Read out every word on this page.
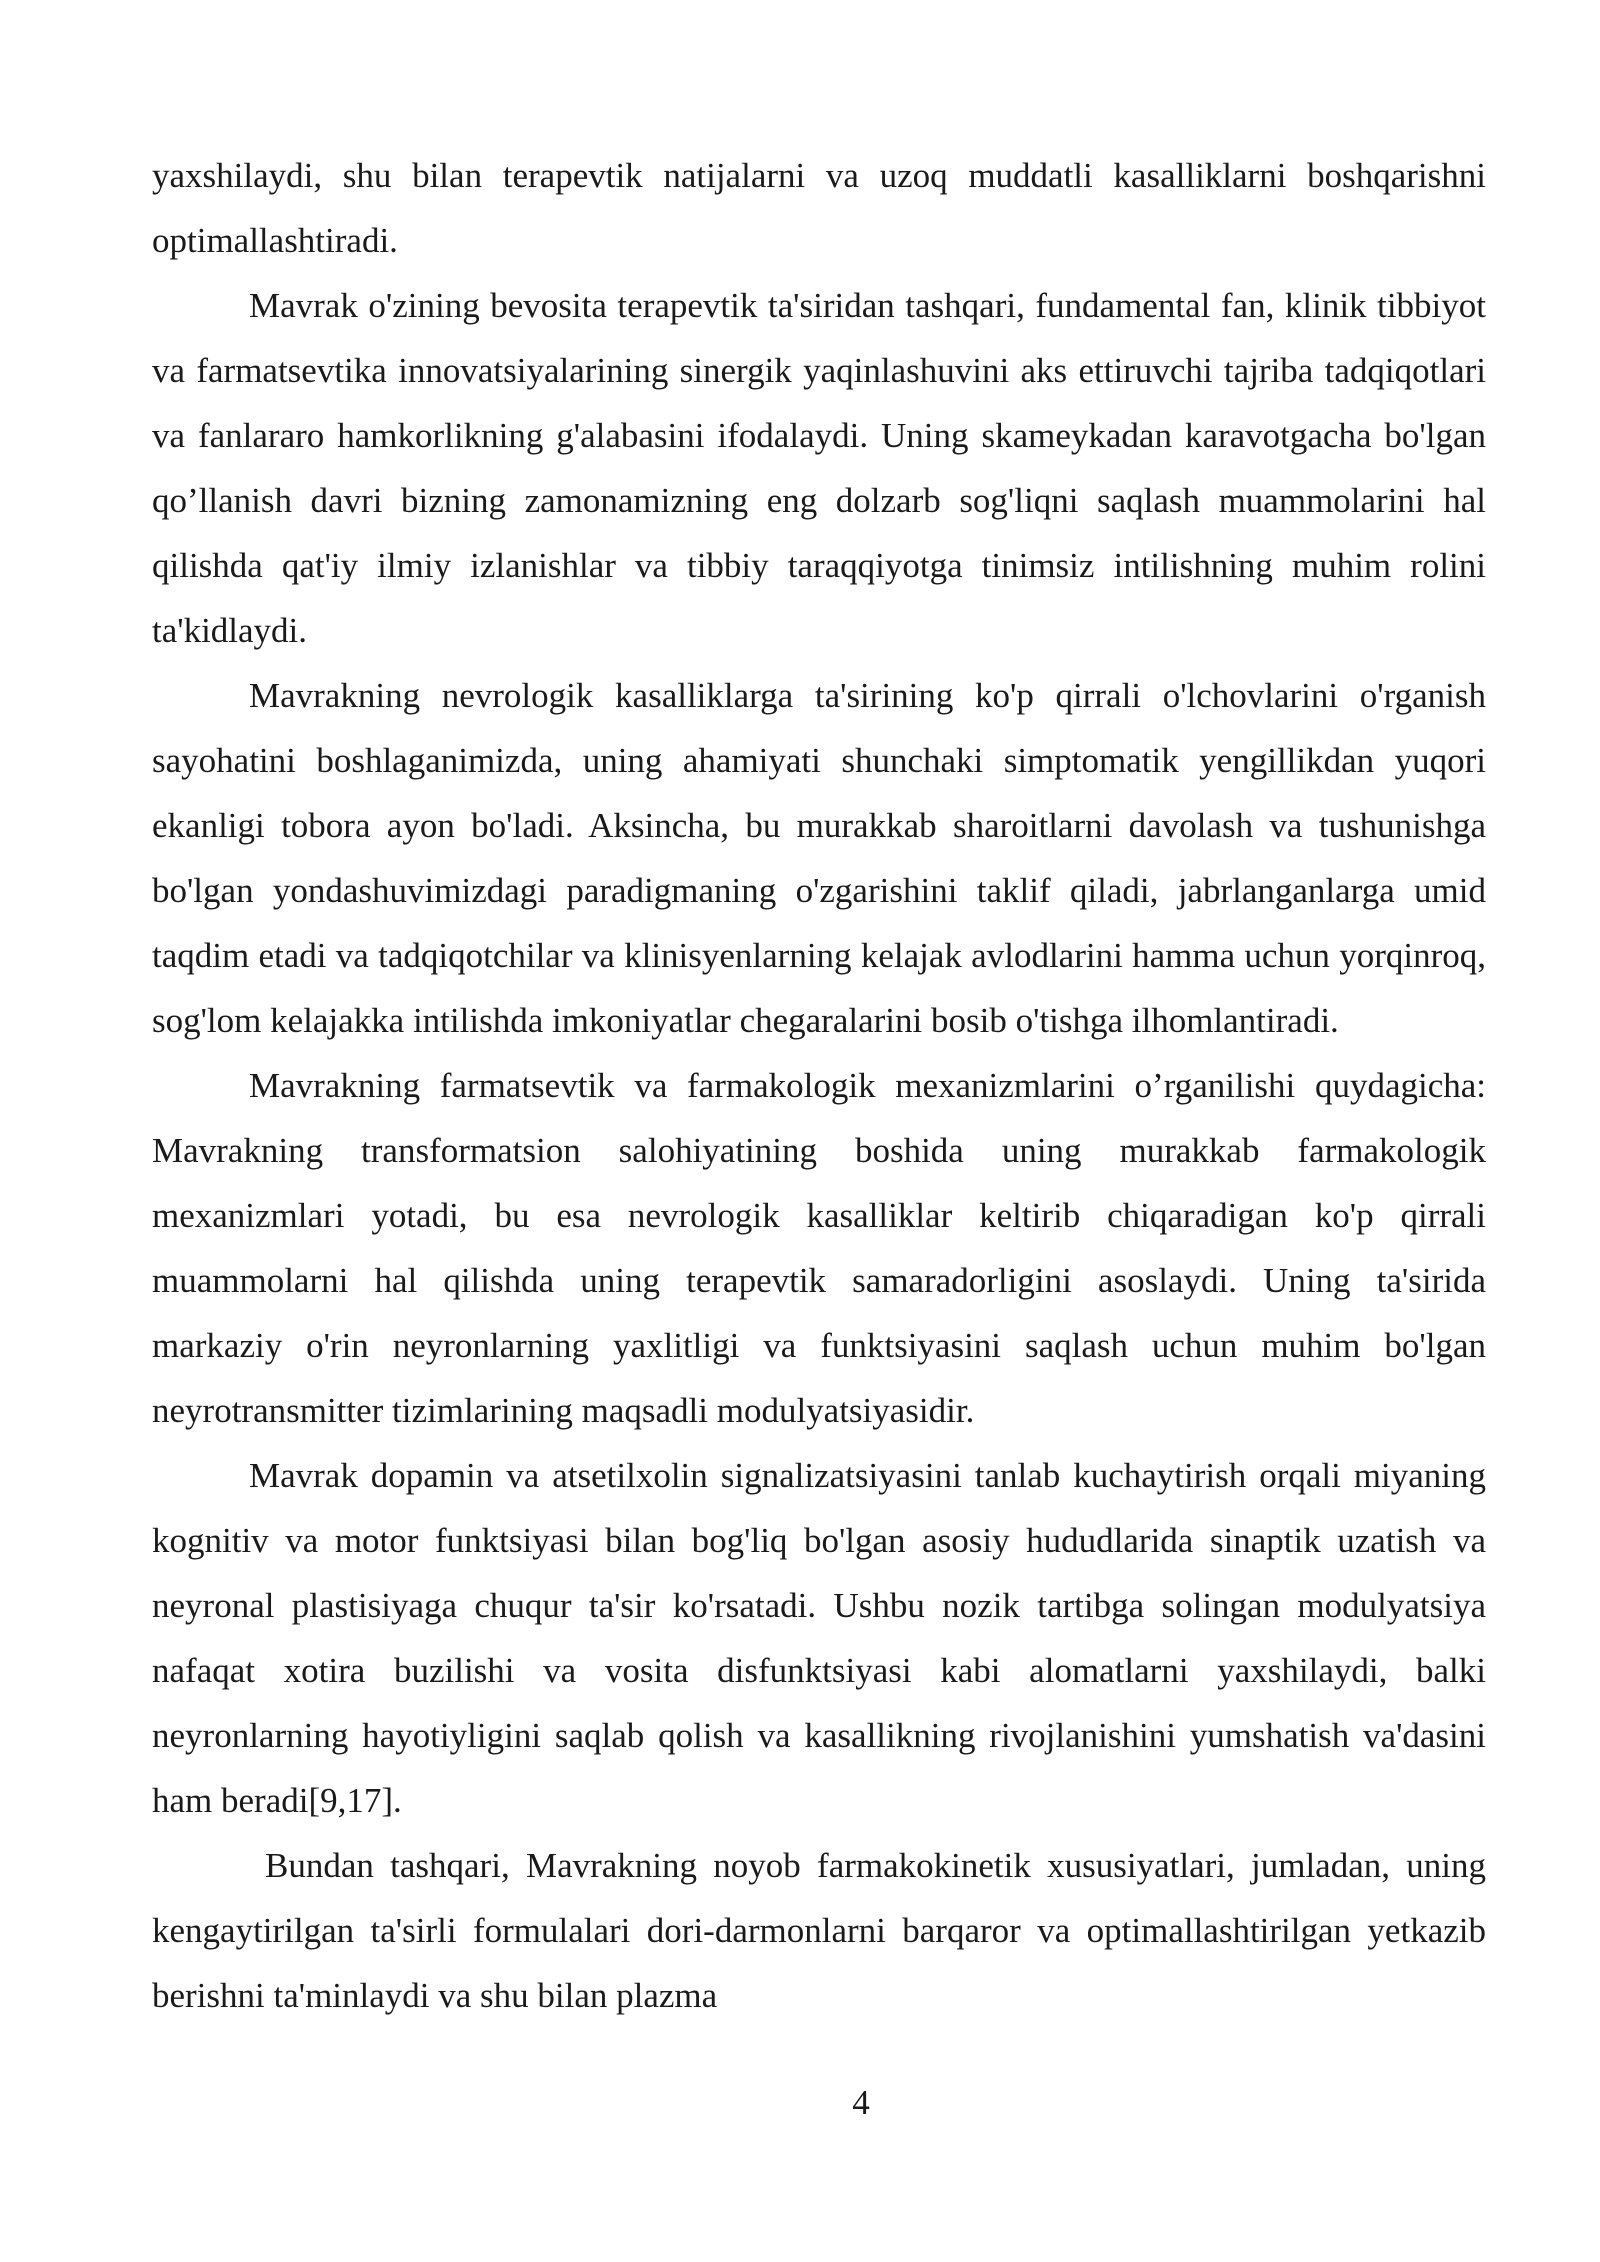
yaxshilaydi, shu bilan terapevtik natijalarni va uzoq muddatli kasalliklarni boshqarishni optimallashtiradi.

Mavrak o'zining bevosita terapevtik ta'siridan tashqari, fundamental fan, klinik tibbiyot va farmatsevtika innovatsiyalarining sinergik yaqinlashuvini aks ettiruvchi tajriba tadqiqotlari va fanlararo hamkorlikning g'alabasini ifodalaydi. Uning skameykadan karavotgacha bo'lgan qo’llanish davri bizning zamonamizning eng dolzarb sog'liqni saqlash muammolarini hal qilishda qat'iy ilmiy izlanishlar va tibbiy taraqqiyotga tinimsiz intilishning muhim rolini ta'kidlaydi.

Mavrakning nevrologik kasalliklarga ta'sirining ko'p qirrali o'lchovlarini o'rganish sayohatini boshlaganimizda, uning ahamiyati shunchaki simptomatik yengillikdan yuqori ekanligi tobora ayon bo'ladi. Aksincha, bu murakkab sharoitlarni davolash va tushunishga bo'lgan yondashuvimizdagi paradigmaning o'zgarishini taklif qiladi, jabrlanganlarga umid taqdim etadi va tadqiqotchilar va klinisyenlarning kelajak avlodlarini hamma uchun yorqinroq, sog'lom kelajakka intilishda imkoniyatlar chegaralarini bosib o'tishga ilhomlantiradi.

Mavrakning farmatsevtik va farmakologik mexanizmlarini o’rganilishi quydagicha: Mavrakning transformatsion salohiyatining boshida uning murakkab farmakologik mexanizmlari yotadi, bu esa nevrologik kasalliklar keltirib chiqaradigan ko'p qirrali muammolarni hal qilishda uning terapevtik samaradorligini asoslaydi. Uning ta'sirida markaziy o'rin neyronlarning yaxlitligi va funktsiyasini saqlash uchun muhim bo'lgan neyrotransmitter tizimlarining maqsadli modulyatsiyasidir.

Mavrak dopamin va atsetilxolin signalizatsiyasini tanlab kuchaytirish orqali miyaning kognitiv va motor funktsiyasi bilan bog'liq bo'lgan asosiy hududlarida sinaptik uzatish va neyronal plastisiyaga chuqur ta'sir ko'rsatadi. Ushbu nozik tartibga solingan modulyatsiya nafaqat xotira buzilishi va vosita disfunktsiyasi kabi alomatlarni yaxshilaydi, balki neyronlarning hayotiyligini saqlab qolish va kasallikning rivojlanishini yumshatish va'dasini ham beradi[9,17].

Bundan tashqari, Mavrakning noyob farmakokinetik xususiyatlari, jumladan, uning kengaytirilgan ta'sirli formulalari dori-darmonlarni barqaror va optimallashtirilgan yetkazib berishni ta'minlaydi va shu bilan plazma

4
